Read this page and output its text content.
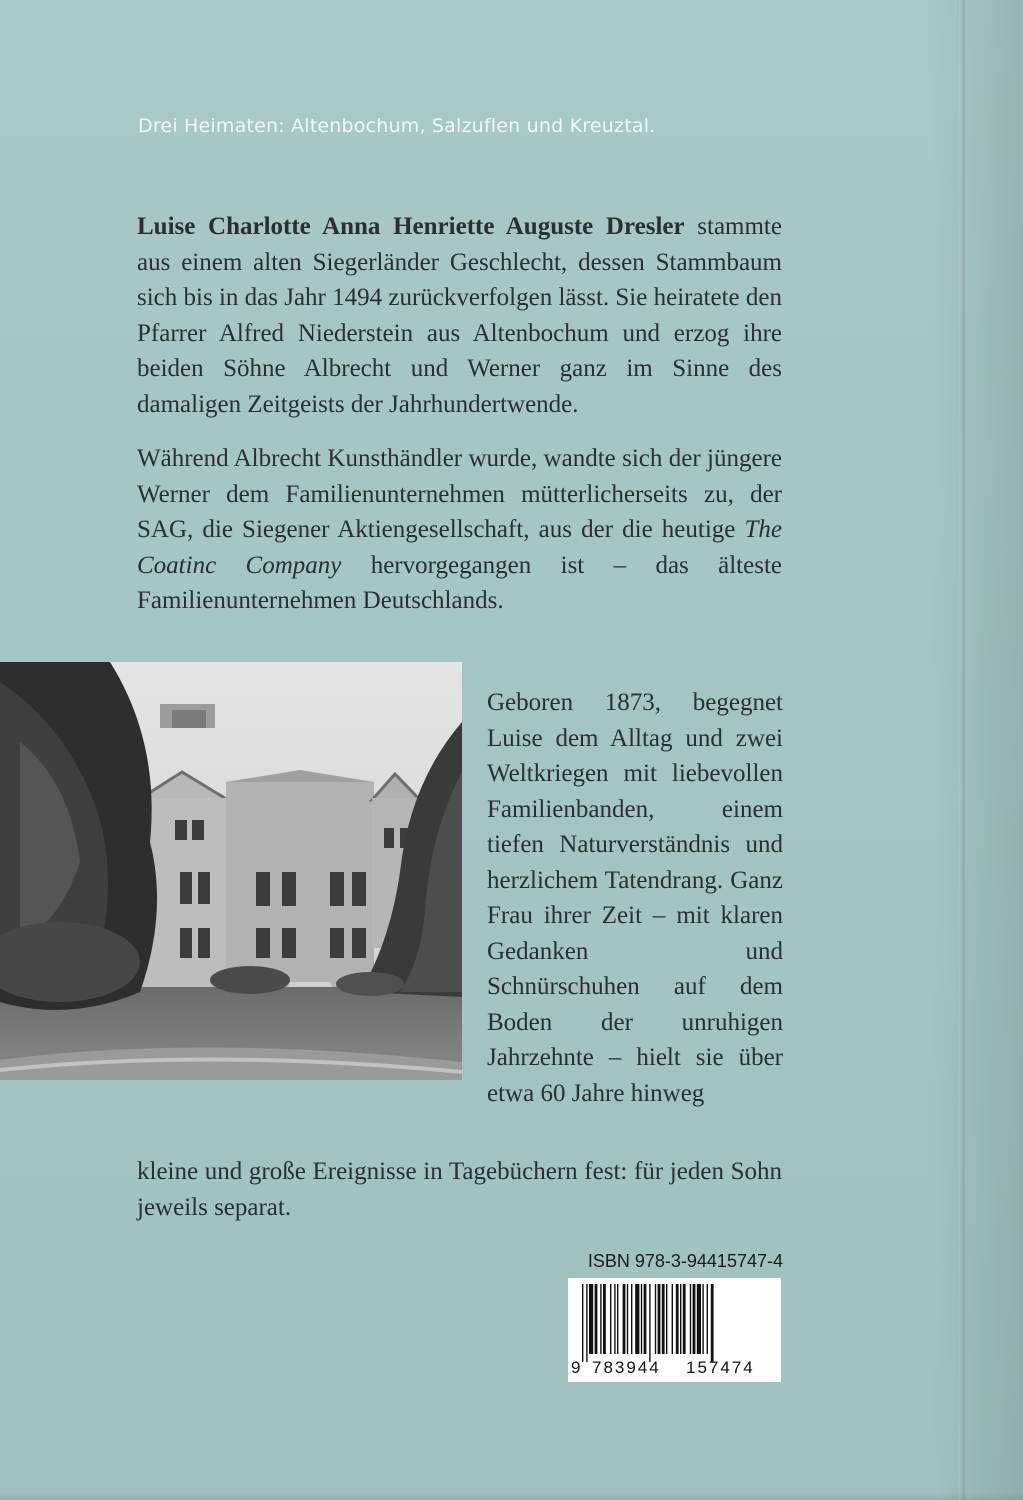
Drei Heimaten: Altenbochum, Salzuflen und Kreuztal.

Luise Charlotte Anna Henriette Auguste Dresler stammte aus einem alten Siegerländer Geschlecht, dessen Stammbaum sich bis in das Jahr 1494 zurückverfolgen lässt. Sie heiratete den Pfarrer Alfred Niederstein aus Altenbochum und erzog ihre beiden Söhne Albrecht und Werner ganz im Sinne des damaligen Zeitgeists der Jahrhundertwende.

Während Albrecht Kunsthändler wurde, wandte sich der jüngere Werner dem Familienunternehmen mütterlicherseits zu, der SAG, die Siegener Aktiengesellschaft, aus der die heutige The Coatinc Company hervorgegangen ist – das älteste Familienunternehmen Deutschlands.

Geboren 1873, begegnet Luise dem Alltag und zwei Weltkriegen mit liebevollen Familienbanden, einem tiefen Naturverständnis und herzlichem Tatendrang. Ganz Frau ihrer Zeit – mit klaren Gedanken und Schnürschuhen auf dem Boden der unruhigen Jahrzehnte – hielt sie über etwa 60 Jahre hinweg

kleine und große Ereignisse in Tagebüchern fest: für jeden Sohn jeweils separat.

ISBN 978-3-94415747-4
9 783944 157474
